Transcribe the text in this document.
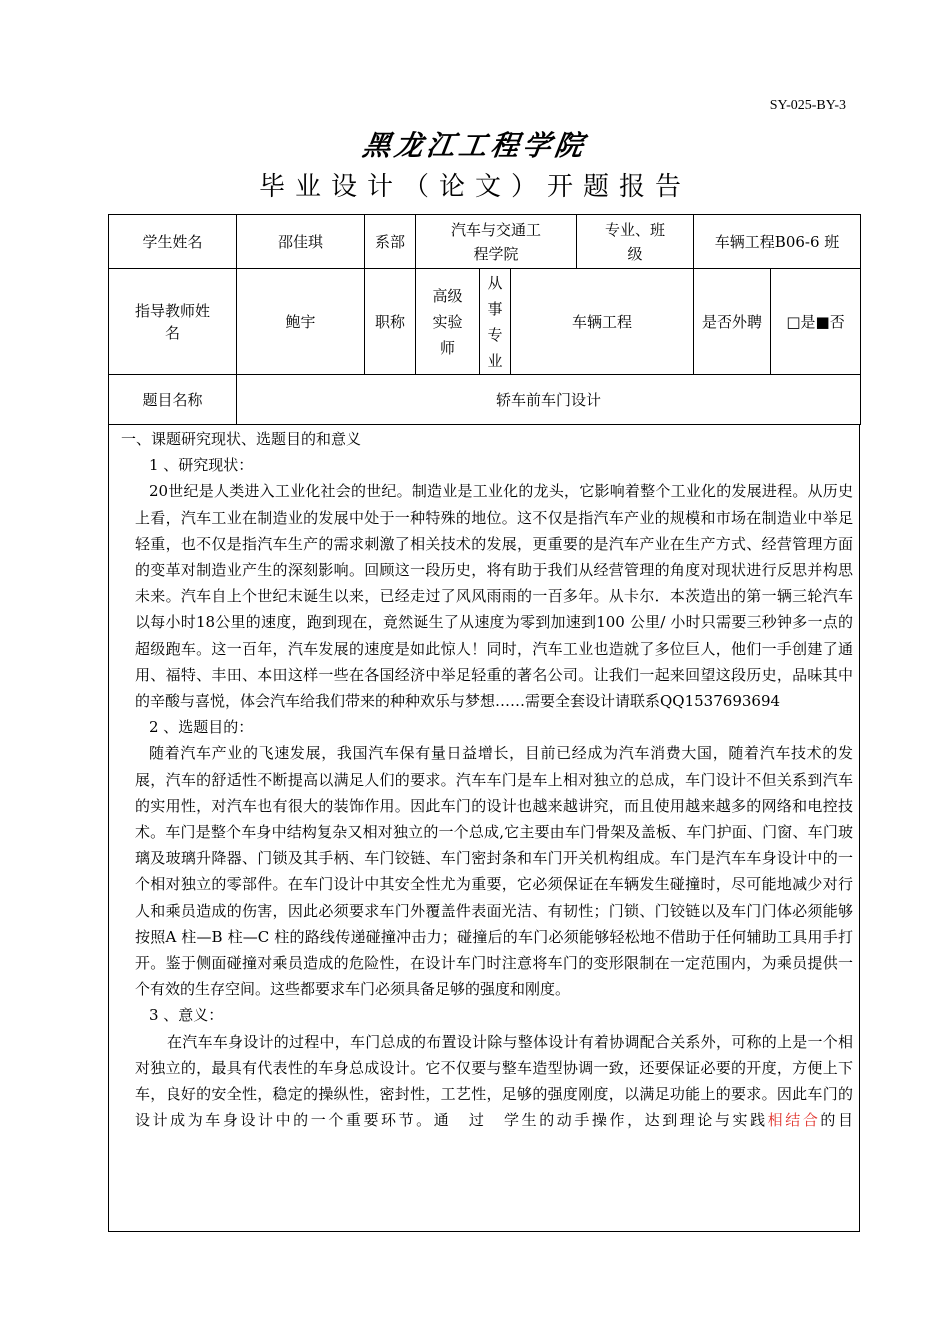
SY-025-BY-3
黑龙江工程学院
毕业设计（论文）开题报告
学生姓名	邵佳琪	系部	汽车与交通工程学院			专业、班级	车辆工程B06-6 班	
指导教师姓名	鲍宇	职称	高级实验师	从事专业	车辆工程		是否外聘	□是■否
题目名称	轿车前车门设计							

一、课题研究现状、选题目的和意义

1 、研究现状：

20世纪是人类进入工业化社会的世纪。制造业是工业化的龙头，它影响着整个工业化的发展进程。从历史上看，汽车工业在制造业的发展中处于一种特殊的地位。这不仅是指汽车产业的规模和市场在制造业中举足轻重，也不仅是指汽车生产的需求刺激了相关技术的发展，更重要的是汽车产业在生产方式、经营管理方面的变革对制造业产生的深刻影响。回顾这一段历史，将有助于我们从经营管理的角度对现状进行反思并构思未来。汽车自上个世纪末诞生以来，已经走过了风风雨雨的一百多年。从卡尔．本茨造出的第一辆三轮汽车以每小时18公里的速度，跑到现在，竟然诞生了从速度为零到加速到100 公里/ 小时只需要三秒钟多一点的超级跑车。这一百年，汽车发展的速度是如此惊人！同时，汽车工业也造就了多位巨人，他们一手创建了通用、福特、丰田、本田这样一些在各国经济中举足轻重的著名公司。让我们一起来回望这段历史，品味其中的辛酸与喜悦，体会汽车给我们带来的种种欢乐与梦想……需要全套设计请联系QQ1537693694

2 、选题目的：

随着汽车产业的飞速发展，我国汽车保有量日益增长，目前已经成为汽车消费大国，随着汽车技术的发展，汽车的舒适性不断提高以满足人们的要求。汽车车门是车上相对独立的总成，车门设计不但关系到汽车的实用性，对汽车也有很大的装饰作用。因此车门的设计也越来越讲究，而且使用越来越多的网络和电控技术。车门是整个车身中结构复杂又相对独立的一个总成,它主要由车门骨架及盖板、车门护面、门窗、车门玻璃及玻璃升降器、门锁及其手柄、车门铰链、车门密封条和车门开关机构组成。车门是汽车车身设计中的一个相对独立的零部件。在车门设计中其安全性尤为重要，它必须保证在车辆发生碰撞时，尽可能地减少对行人和乘员造成的伤害，因此必须要求车门外覆盖件表面光洁、有韧性；门锁、门铰链以及车门门体必须能够按照A 柱—B 柱—C 柱的路线传递碰撞冲击力；碰撞后的车门必须能够轻松地不借助于任何辅助工具用手打开。鉴于侧面碰撞对乘员造成的危险性，在设计车门时注意将车门的变形限制在一定范围内，为乘员提供一个有效的生存空间。这些都要求车门必须具备足够的强度和刚度。

3 、意义：

在汽车车身设计的过程中，车门总成的布置设计除与整体设计有着协调配合关系外，可称的上是一个相对独立的，最具有代表性的车身总成设计。它不仅要与整车造型协调一致，还要保证必要的开度，方便上下车，良好的安全性，稳定的操纵性，密封性，工艺性，足够的强度刚度，以满足功能上的要求。因此车门的设计成为车身设计中的一个重要环节。通　过　学生的动手操作，达到理论与实践相结合的目
